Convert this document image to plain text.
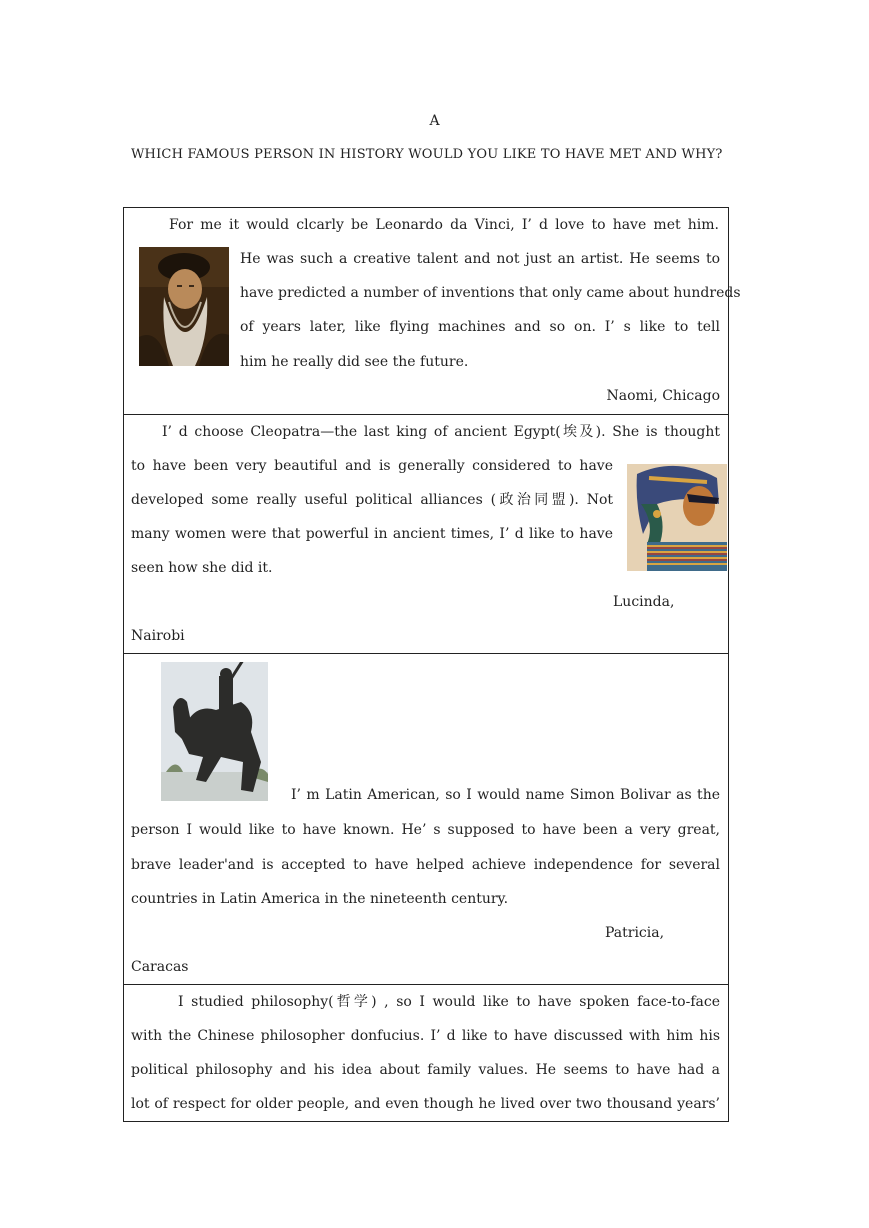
A
WHICH FAMOUS PERSON IN HISTORY WOULD YOU LIKE TO HAVE MET AND WHY?
For me it would clcarly be Leonardo da Vinci, I’ d love to have met him.
He was such a creative talent and not just an artist. He seems to
have predicted a number of inventions that only came about hundreds
of years later, like flying machines and so on. I’ s like to tell
him he really did see the future.
Naomi, Chicago
I’ d choose Cleopatra—the last king of ancient Egypt(埃及). She is thought
to have been very beautiful and is generally considered to have
developed some really useful political alliances (政治同盟). Not
many women were that powerful in ancient times, I’ d like to have
seen how she did it.
Lucinda,
Nairobi
I’ m Latin American, so I would name Simon Bolivar as the
person I would like to have known. He’ s supposed to have been a very great,
brave leader'and is accepted to have helped achieve independence for several
countries in Latin America in the nineteenth century.
Patricia,
Caracas
I studied philosophy(哲学) , so I would like to have spoken face-to-face
with the Chinese philosopher donfucius. I’ d like to have discussed with him his
political philosophy and his idea about family values. He seems to have had a
lot of respect for older people, and even though he lived over two thousand years’
